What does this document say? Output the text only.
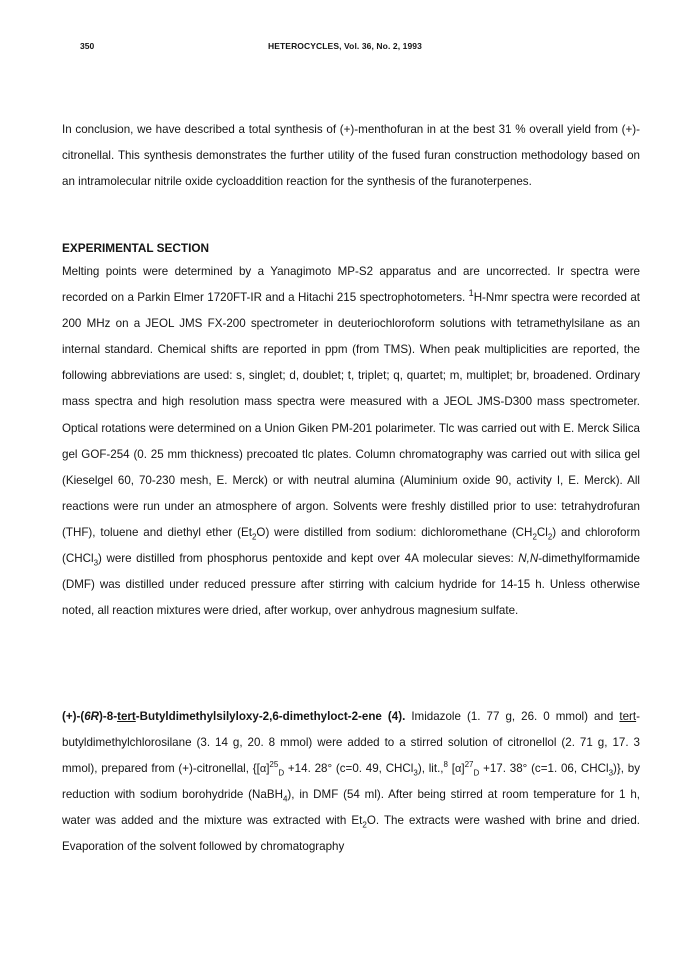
350	HETEROCYCLES, Vol. 36, No. 2, 1993

In conclusion, we have described a total synthesis of (+)-menthofuran in at the best 31 % overall yield from (+)-citronellal. This synthesis demonstrates the further utility of the fused furan construction methodology based on an intramolecular nitrile oxide cycloaddition reaction for the synthesis of the furanoterpenes.

EXPERIMENTAL SECTION

Melting points were determined by a Yanagimoto MP-S2 apparatus and are uncorrected. Ir spectra were recorded on a Parkin Elmer 1720FT-IR and a Hitachi 215 spectrophotometers. $^1$H-Nmr spectra were recorded at 200 MHz on a JEOL JMS FX-200 spectrometer in deuteriochloroform solutions with tetramethylsilane as an internal standard. Chemical shifts are reported in ppm (from TMS). When peak multiplicities are reported, the following abbreviations are used: s, singlet; d, doublet; t, triplet; q, quartet; m, multiplet; br, broadened. Ordinary mass spectra and high resolution mass spectra were measured with a JEOL JMS-D300 mass spectrometer. Optical rotations were determined on a Union Giken PM-201 polarimeter. Tlc was carried out with E. Merck Silica gel GOF-254 (0. 25 mm thickness) precoated tlc plates. Column chromatography was carried out with silica gel (Kieselgel 60, 70-230 mesh, E. Merck) or with neutral alumina (Aluminium oxide 90, activity I, E. Merck). All reactions were run under an atmosphere of argon. Solvents were freshly distilled prior to use: tetrahydrofuran (THF), toluene and diethyl ether $(Et_2O)$ were distilled from sodium: dichloromethane $(CH_2Cl_2)$ and chloroform (CHCl$_3$) were distilled from phosphorus pentoxide and kept over 4A molecular sieves: N,N-dimethylformamide (DMF) was distilled under reduced pressure after stirring with calcium hydride for 14-15 h. Unless otherwise noted, all reaction mixtures were dried, after workup, over anhydrous magnesium sulfate.

(+)-(6R)-8-tert-Butyldimethylsilyloxy-2,6-dimethyloct-2-ene (4). Imidazole (1. 77 g, 26. 0 mmol) and tert-butyldimethylchlorosilane (3. 14 g, 20. 8 mmol) were added to a stirred solution of citronellol (2. 71 g, 17. 3 mmol), prepared from (+)-citronellal, {$[\alpha]^{25}_D +14$. 28° (c=0. 49, CHCl$_3$), lit.,$^8$ $[\alpha]^{27}_D +17$. 38° (c=1. 06, CHCl$_3$)}, by reduction with sodium borohydride (NaBH$_4$), in DMF (54 ml). After being stirred at room temperature for 1 h, water was added and the mixture was extracted with $Et_2O$. The extracts were washed with brine and dried. Evaporation of the solvent followed by chromatography
